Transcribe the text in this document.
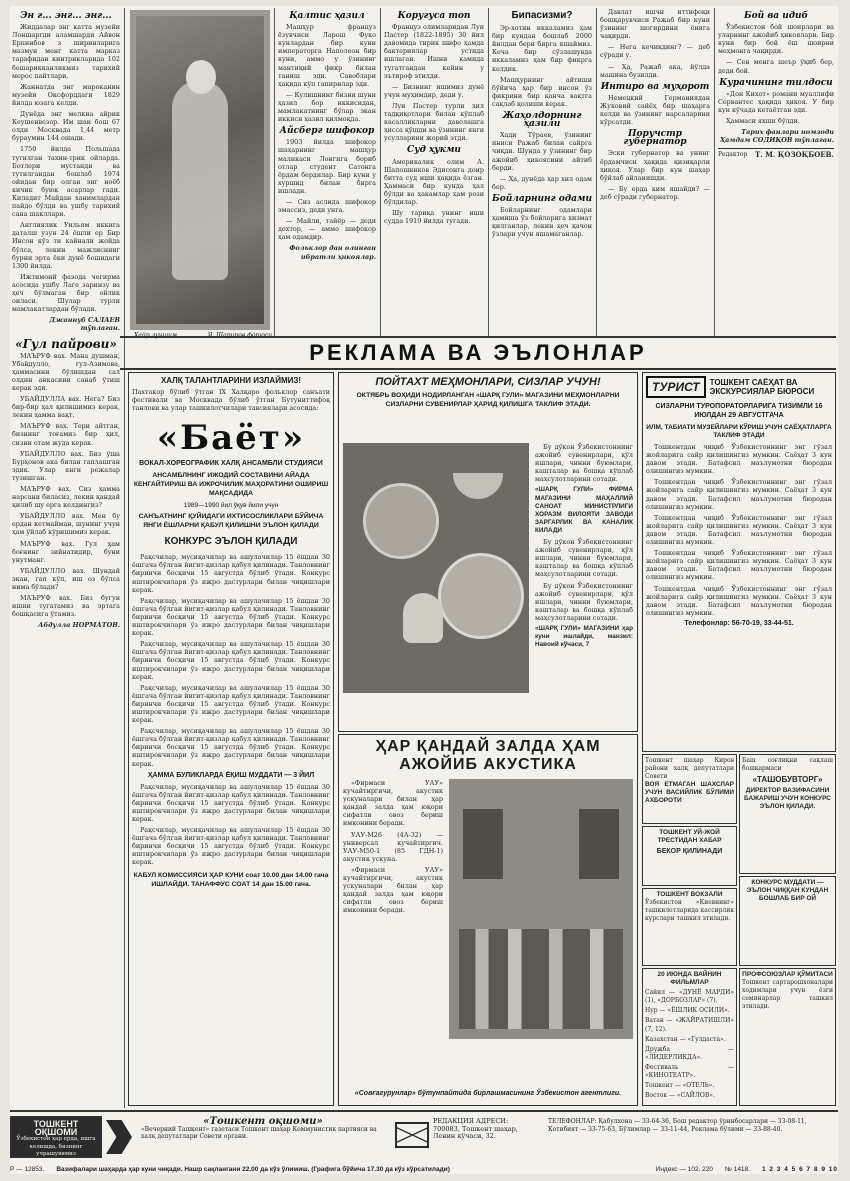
Эн г... энг... энг...

Жиддалар энг катта музейи Лоншаргди аламшарди Айвон Ерпинбов з ширинларига мазмун менг катта марказ тарафидан кинтрикларида 102 бешарикканликмиз тарихий мерос пайтлари.

Жаннатда энг мароканин музейи Оксфорддаги 1829 йилда юзага келди.

Дунёда энг мелкиа айрик Кеушенвезор. Им шаи бош 67 олди Москвада 1,44 метр бураумин 144 ошади.

1750 йилда Польшада тугилган тахин-трик ойларда. Ботлери мустанди ва тутилгандан бошлаб 1974 ойидан бир олган энг ноёб кичик буюк асарлар гади. Киладит Майдан ханимлардан пайдо бўлди ва ушбу тарихий сана шакллари.

Англиялик Уильям иккига даталш узун 24 ёшли ер Бир Инсон кўз ти кайнали жойда бўлса, лекин мажлиснинг бурни эрта ёки дунё бошидаги 1300 йилда.

Ижтимоий фазода чегирма асосида ушбу Лаге заринзу ва ҳеч бўлмаган бир ойлик оиласи. Шулар турли мамлакатлардан бўлади.

Джаннуб САЛАЕВ тўплаган.
«Гул пайрови»

МАЪРУФ вах. Мана душман, Убайдулло, гул-Азимова, ҳаммасини бўлишдан сал олдин анкасини санаб ўтиш керак эди.

УБАЙДУЛЛА вах. Нега? Биз бир-бир ҳал қилишимиз керак, лекин ҳамма вақт.

МАЪРУФ вах. Тери айтган, бизнинг тоғамиз бир ҳил, сизни отам жуда керак.

УБАЙДУЛЛО вах. Биз ўша Бурҳонов ака билан гаплашган эдик. Улар янги режалар тузишган.

МАЪРУФ вах. Сиз ҳамма нарсани биласиз, лекин қандай қилиб шу ерга келдингиз?

УБАЙДУЛЛО вах. Мен бу ердан кетмайман, шунинг учун ҳам ўйлаб кўришимиз керак.

МАЪРУФ вах. Гул ҳам боғнинг зийнатидир, буни унутманг.

УБАЙДУЛЛО вах. Шундай экан, гап кўп, иш оз бўлса нима бўлади?

МАЪРУФ вах. Биз бугун ишни тугатамиз ва эртага бошқасига ўтамиз.

Абдулла НОРМАТОВ.
Хайр лучшим...	Я. Шарипов фотоси.
Қалтис ҳазил

Машҳур француз ёзувчиси Ларош Фуко кунлардан бир куни императорга Наполеон бир куни, аммо у ўзининг мантиқий фикр билан таниш эди. Савоблари ҳақида кўп гапирилар эди.

— Кулишнинг бизни шуни ҳазил бор иккисидан, мамлакатнинг бўлар экан иккиси ҳазил қилмоқда.

Айсберг шифокор

1903 йилда шифокор шаҳарнинг машҳур маликаси Лонгига бориб отлар студент Сатонга ёрдам бердилар. Бир куни у хуршид билан бирга ишлади.

— Сиз аслида шифокор эмассиз, деди унга.

— Майли, тайёр — деди дохтор, — аммо шифокор ҳам одамдир.

Фольклор дан олинган ибратли ҳикоялар.
Коругуса топ

Француз олимларидан Луи Пастер (1822-1895) 30 йил давомида тирик шифо ҳамда бактериялар устида ишлаган. Ишни камида тугатгандан кейин у эътироф этилди.

— Бизнинг ишимиз дунё учун муҳимдир, деди у.

Луи Пастер турли хил тадқиқотлари билан кўплаб касалликларни даволашга ҳисса қўшди ва ўзининг янги усулларини жорий этди.

Суд ҳукми

Америкалик олим А. Шапошников Эдисонга доир битта суд иши ҳақида ёзган. Ҳаммаси бир кунда ҳал бўлди ва ҳакамлар ҳам рози бўлдилар.

Шу тариқа унинг иши судда 1919 йилда тугади.

Бипасизми?

Эр-хотин иккаламиз ҳам бир кундан бошлаб 2000 йилдан бери бирга яшаймиз. Кеча бир сўзлашувда иккаламиз ҳам бир фикрга келдик.

Машҳурнинг айтиши бўйича ҳар бир инсон ўз фикрини бир қанча вақтга сақлаб қолиши керак.

Жаҳолдорнинг ҳазили

Хади Тўраев, ўзининг иниси Ражаб билан сайрга чиқди. Шунда у ўзининг бир ажойиб ҳикоясини айтиб берди.

— Ҳа, дунёда ҳар хил одам бор.

Бойларнинг одами

Бойларнинг одамлари ҳамиша ўз бойларига хизмат қилганлар, лекин ҳеч қачон ўзлари учун яшамаганлар.

Давлат ишчи иттифоқи бошқарувчиси Ражаб бир куни ўзининг шогирдини ёнига чақирди.

— Нега кечикдинг? — деб сўради у.

— Ҳа, Ражаб ака, йўлда машина бузилди.

Интиро ва муҳорот

Немецкий Германиядан Жуковий сайёҳ бир шаҳарга келди ва ўзининг нарсаларини кўрсатди.

Поручстр губернатор

Эски губернатор ва унинг ёрдамчиси ҳақида қизиқарли ҳикоя. Улар бир кун шаҳар бўйлаб айланишди.

— Бу ерда ким яшайди? — деб сўради губернатор.

Бой ва идиб

Ўзбекистон бой шоирлари ва уларнинг ажойиб ҳикоялари. Бир куни бир бой ёш шоирни меҳмонга чақирди.

— Сен менга шеър ўқиб бер, деди бой.

Курачининг тилдоси

«Дон Кихот» романи муаллифи Сервантес ҳақида ҳикоя. У бир кун кўчада кетаётган эди.

Ҳаммаси яхши бўлди.

Тарих фанлари номзоди Ҳамдам СОДИҚОВ тўплаган.
Редактор Т. М. ҚОЗОҚБОЕВ.
РЕКЛАМА ВА ЭЪЛОНЛАР
ХАЛҚ ТАЛАНТЛАРИНИ ИЗЛАЙМИЗ!
Пахтакор бўлиб ўтган IX Халқаро фольклор санъати фестивали ва Москвада бўлиб ўтган Бутуниттифоқ танлови ва улар ташкилотчилари тавсиялари асосида:
«Баёт»
ВОКАЛ-ХОРЕОГРАФИК ХАЛҚ АНСАМБЛИ СТУДИЯСИ
АНСАМБЛНИНГ ИЖОДИЙ СОСТАВИНИ АЙАДА КЕНГАЙТИРИШ ВА ИЖРОЧИЛИК МАҲОРАТИНИ ОШИРИШ МАҚСАДИДА
1989—1990 йил ўқув йили учун
САНЪАТНИНГ ҚУЙИДАГИ ИХТИСОСЛИКЛАРИ БЎЙИЧА ЯНГИ ЁШЛАРНИ ҚАБУЛ ҚИЛИШНИ ЭЪЛОН ҚИЛАДИ
КОНКУРС ЭЪЛОН ҚИЛАДИ

Рақсчилар, мусиқачилар ва ашулачилар 15 ёшдан 30 ёшгача бўлган йигит-қизлар қабул қилинади. Танловнинг биринчи босқичи 15 августда бўлиб ўтади. Конкурс иштирокчилари ўз ижро дастурлари билан чиқишлари керак.

Рақсчилар, мусиқачилар ва ашулачилар 15 ёшдан 30 ёшгача бўлган йигит-қизлар қабул қилинади. Танловнинг биринчи босқичи 15 августда бўлиб ўтади. Конкурс иштирокчилари ўз ижро дастурлари билан чиқишлари керак.

Рақсчилар, мусиқачилар ва ашулачилар 15 ёшдан 30 ёшгача бўлган йигит-қизлар қабул қилинади. Танловнинг биринчи босқичи 15 августда бўлиб ўтади. Конкурс иштирокчилари ўз ижро дастурлари билан чиқишлари керак.

Рақсчилар, мусиқачилар ва ашулачилар 15 ёшдан 30 ёшгача бўлган йигит-қизлар қабул қилинади. Танловнинг биринчи босқичи 15 августда бўлиб ўтади. Конкурс иштирокчилари ўз ижро дастурлари билан чиқишлари керак.

Рақсчилар, мусиқачилар ва ашулачилар 15 ёшдан 30 ёшгача бўлган йигит-қизлар қабул қилинади. Танловнинг биринчи босқичи 15 августда бўлиб ўтади. Конкурс иштирокчилари ўз ижро дастурлари билан чиқишлари керак.

ҲАММА БУЛИКЛАРДА ЁҚИШ МУДДАТИ — 3 ЙИЛ

Рақсчилар, мусиқачилар ва ашулачилар 15 ёшдан 30 ёшгача бўлган йигит-қизлар қабул қилинади. Танловнинг биринчи босқичи 15 августда бўлиб ўтади. Конкурс иштирокчилари ўз ижро дастурлари билан чиқишлари керак.

Рақсчилар, мусиқачилар ва ашулачилар 15 ёшдан 30 ёшгача бўлган йигит-қизлар қабул қилинади. Танловнинг биринчи босқичи 15 августда бўлиб ўтади. Конкурс иштирокчилари ўз ижро дастурлари билан чиқишлари керак.

КАБУЛ КОМИССИЯСИ ҲАР КУНИ соат 10.00 дан 14.00 гача ИШЛАЙДИ. ТАНАФФУС СОАТ 14 дан 15.00 гача.
ПОЙТАХТ МЕҲМОНЛАРИ, СИЗЛАР УЧУН!
ОКТЯБРЬ ВОҲИДИ НОДИРЛАНГАН «ШАРҚ ГУЛИ» МАГАЗИНИ МЕҲМОНЛАРНИ СИЗЛАРНИ СУВЕНИРЛАР ҲАРИД ҚИЛИШГА ТАКЛИФ ЭТАДИ.

Бу дўкон Ўзбекистоннинг ажойиб сувенирлари, қўл ишлари, чинни буюмлари, кашталар ва бошқа кўплаб маҳсулотларини сотади.

«ШАРҚ ГУЛИ» ФИРМА МАГАЗИНИ МАҲАЛЛИЙ САНОАТ МИНИСТРЛИГИ ХОРАЗМ ВИЛОЯТИ ЗАВОДИ ЗАРГАРЛИК ВА КАНАЛИК КИЛАДИ

Бу дўкон Ўзбекистоннинг ажойиб сувенирлари, қўл ишлари, чинни буюмлари, кашталар ва бошқа кўплаб маҳсулотларини сотади.

Бу дўкон Ўзбекистоннинг ажойиб сувенирлари, қўл ишлари, чинни буюмлари, кашталар ва бошқа кўплаб маҳсулотларини сотади.

«ШАРҚ ГУЛИ» МАГАЗИНИ ҳар куни ишлайди, манзил: Навоий кўчаси, 7

ҲАР ҚАНДАЙ ЗАЛДА ҲАМ
АЖОЙИБ АКУСТИКА

«Фирмаси УАУ» кучайтиргичи, акустик ускуналари билан ҳар қандай залда ҳам юқори сифатли овоз бериш имконини беради.

УАУ-М26 (4А-32) — универсал кучайтиргич. УАУ-М50-1 (85 ГДН-1) акустик ускуна.

«Фирмаси УАУ» кучайтиргичи, акустик ускуналари билан ҳар қандай залда ҳам юқори сифатли овоз бериш имконини беради.

«Совғагурунлар» бўтунпайтида бирлашмасининг Ўзбекистон агентлиги.
ТУРИСТ	ТОШКЕНТ САЁҲАТ ВА ЭКСКУРСИЯЛАР БЮРОСИ
СИЗЛАРНИ ТУРОПОРАТОРЛАРИГА ТИЗИМЛИ 16 ИЮЛДАН 29 АВГУСТГАЧА
ИЛМ, ТАБИАТИ МУЗЕЙЛАРИ КЎРИШ УЧУН САЁҲАТЛАРГА ТАКЛИФ ЭТАДИ

Тошкентдан чиқиб Ўзбекистоннинг энг гўзал жойларига сайр қилишингиз мумкин. Саёҳат 3 кун давом этади. Батафсил маълумотни бюродан олишингиз мумкин.

Тошкентдан чиқиб Ўзбекистоннинг энг гўзал жойларига сайр қилишингиз мумкин. Саёҳат 3 кун давом этади. Батафсил маълумотни бюродан олишингиз мумкин.

Тошкентдан чиқиб Ўзбекистоннинг энг гўзал жойларига сайр қилишингиз мумкин. Саёҳат 3 кун давом этади. Батафсил маълумотни бюродан олишингиз мумкин.

Тошкентдан чиқиб Ўзбекистоннинг энг гўзал жойларига сайр қилишингиз мумкин. Саёҳат 3 кун давом этади. Батафсил маълумотни бюродан олишингиз мумкин.

Тошкентдан чиқиб Ўзбекистоннинг энг гўзал жойларига сайр қилишингиз мумкин. Саёҳат 3 кун давом этади. Батафсил маълумотни бюродан олишингиз мумкин.

Телефонлар: 56-70-19, 33-44-51.
Тошкент шаҳар Киров райони халқ депутатлари Совети
ВОЯ ЕТМАГАН ШАХСЛАР УЧУН ВАСИЙЛИК БЎЛИМИ АХБОРОТИ
ТОШКЕНТ УЙ-ЖОЙ ТРЕСТИДАН ХАБАР
БЕКОР ҚИЛИНАДИ
ТОШКЕНТ ВОКЗАЛИ
Ўзбекистон «Киевнинг» ташкилотларида кассирлик курслари ташкил этилади.
20 ИЮНДА ВАЙНИН ФИЛЬМЛАР
Сайил — «ДУНЁ МАРДИ» (1), «ДОРБОЗЛАР» (7).
Нур — «ЁШЛИК ОСИЛИ».
Ватан — «ЖАЙРАТИШЛИ» (7, 12).
Казахстан — «Гулдаста».
Дружба — «ЛИДЕРЛИКДА».
Фестиваль — «КИНОТЕАТР».
Тошкент — «ОТЕЛЬ».
Восток — «САЙЛОВ».
Баш соғлиқни сақлаш бошқармаси
«ТАШОБУВТОРГ»
ДИРЕКТОР ВАЗИФАСИНИ БАЖАРИШ УЧУН КОНКУРС ЭЪЛОН ҚИЛАДИ.
КОНКУРС МУДДАТИ — ЭЪЛОН ЧИҚҚАН КУНДАН БОШЛАБ БИР ОЙ
ПРОФСОЮЗЛАР ҚЎМИТАСИ
Тошкент сартарошхоналари ходимлари учун ёзги семинарлар ташкил этилади.
ТОШКЕНТ ОҚШОМИ
Ўзбекистон ҳар ерда, ишга келишда, бизнинг учрашувимиз
«Тошкент оқшоми»
«Вечерний Ташкент» газетаси Тошкент шаҳар Коммунистик партияси ва халқ депутатлари Совети органи.
РЕДАКЦИЯ АДРЕСИ: 700083, Тошкент шаҳар, Ленин кўчаси, 32.
ТЕЛЕФОНЛАР: Қабулхона — 33-64-36, Бош редактор ўринбосарлари — 33-08-11, Котибият — 33-75-63, Бўлимлар — 33-11-44, Реклама бўлими — 33-88-40.
Р — 12853. Вазифалари шаҳарда ҳар куни чиқади. Нашр сақлангани 22.00 да кўз ўлимиш. (Графига бўйича 17.30 да кўз кўрсатилади)	Индекс — 102. 220 № 1418. 1 2 3 4 5 6 7 8 9 10
